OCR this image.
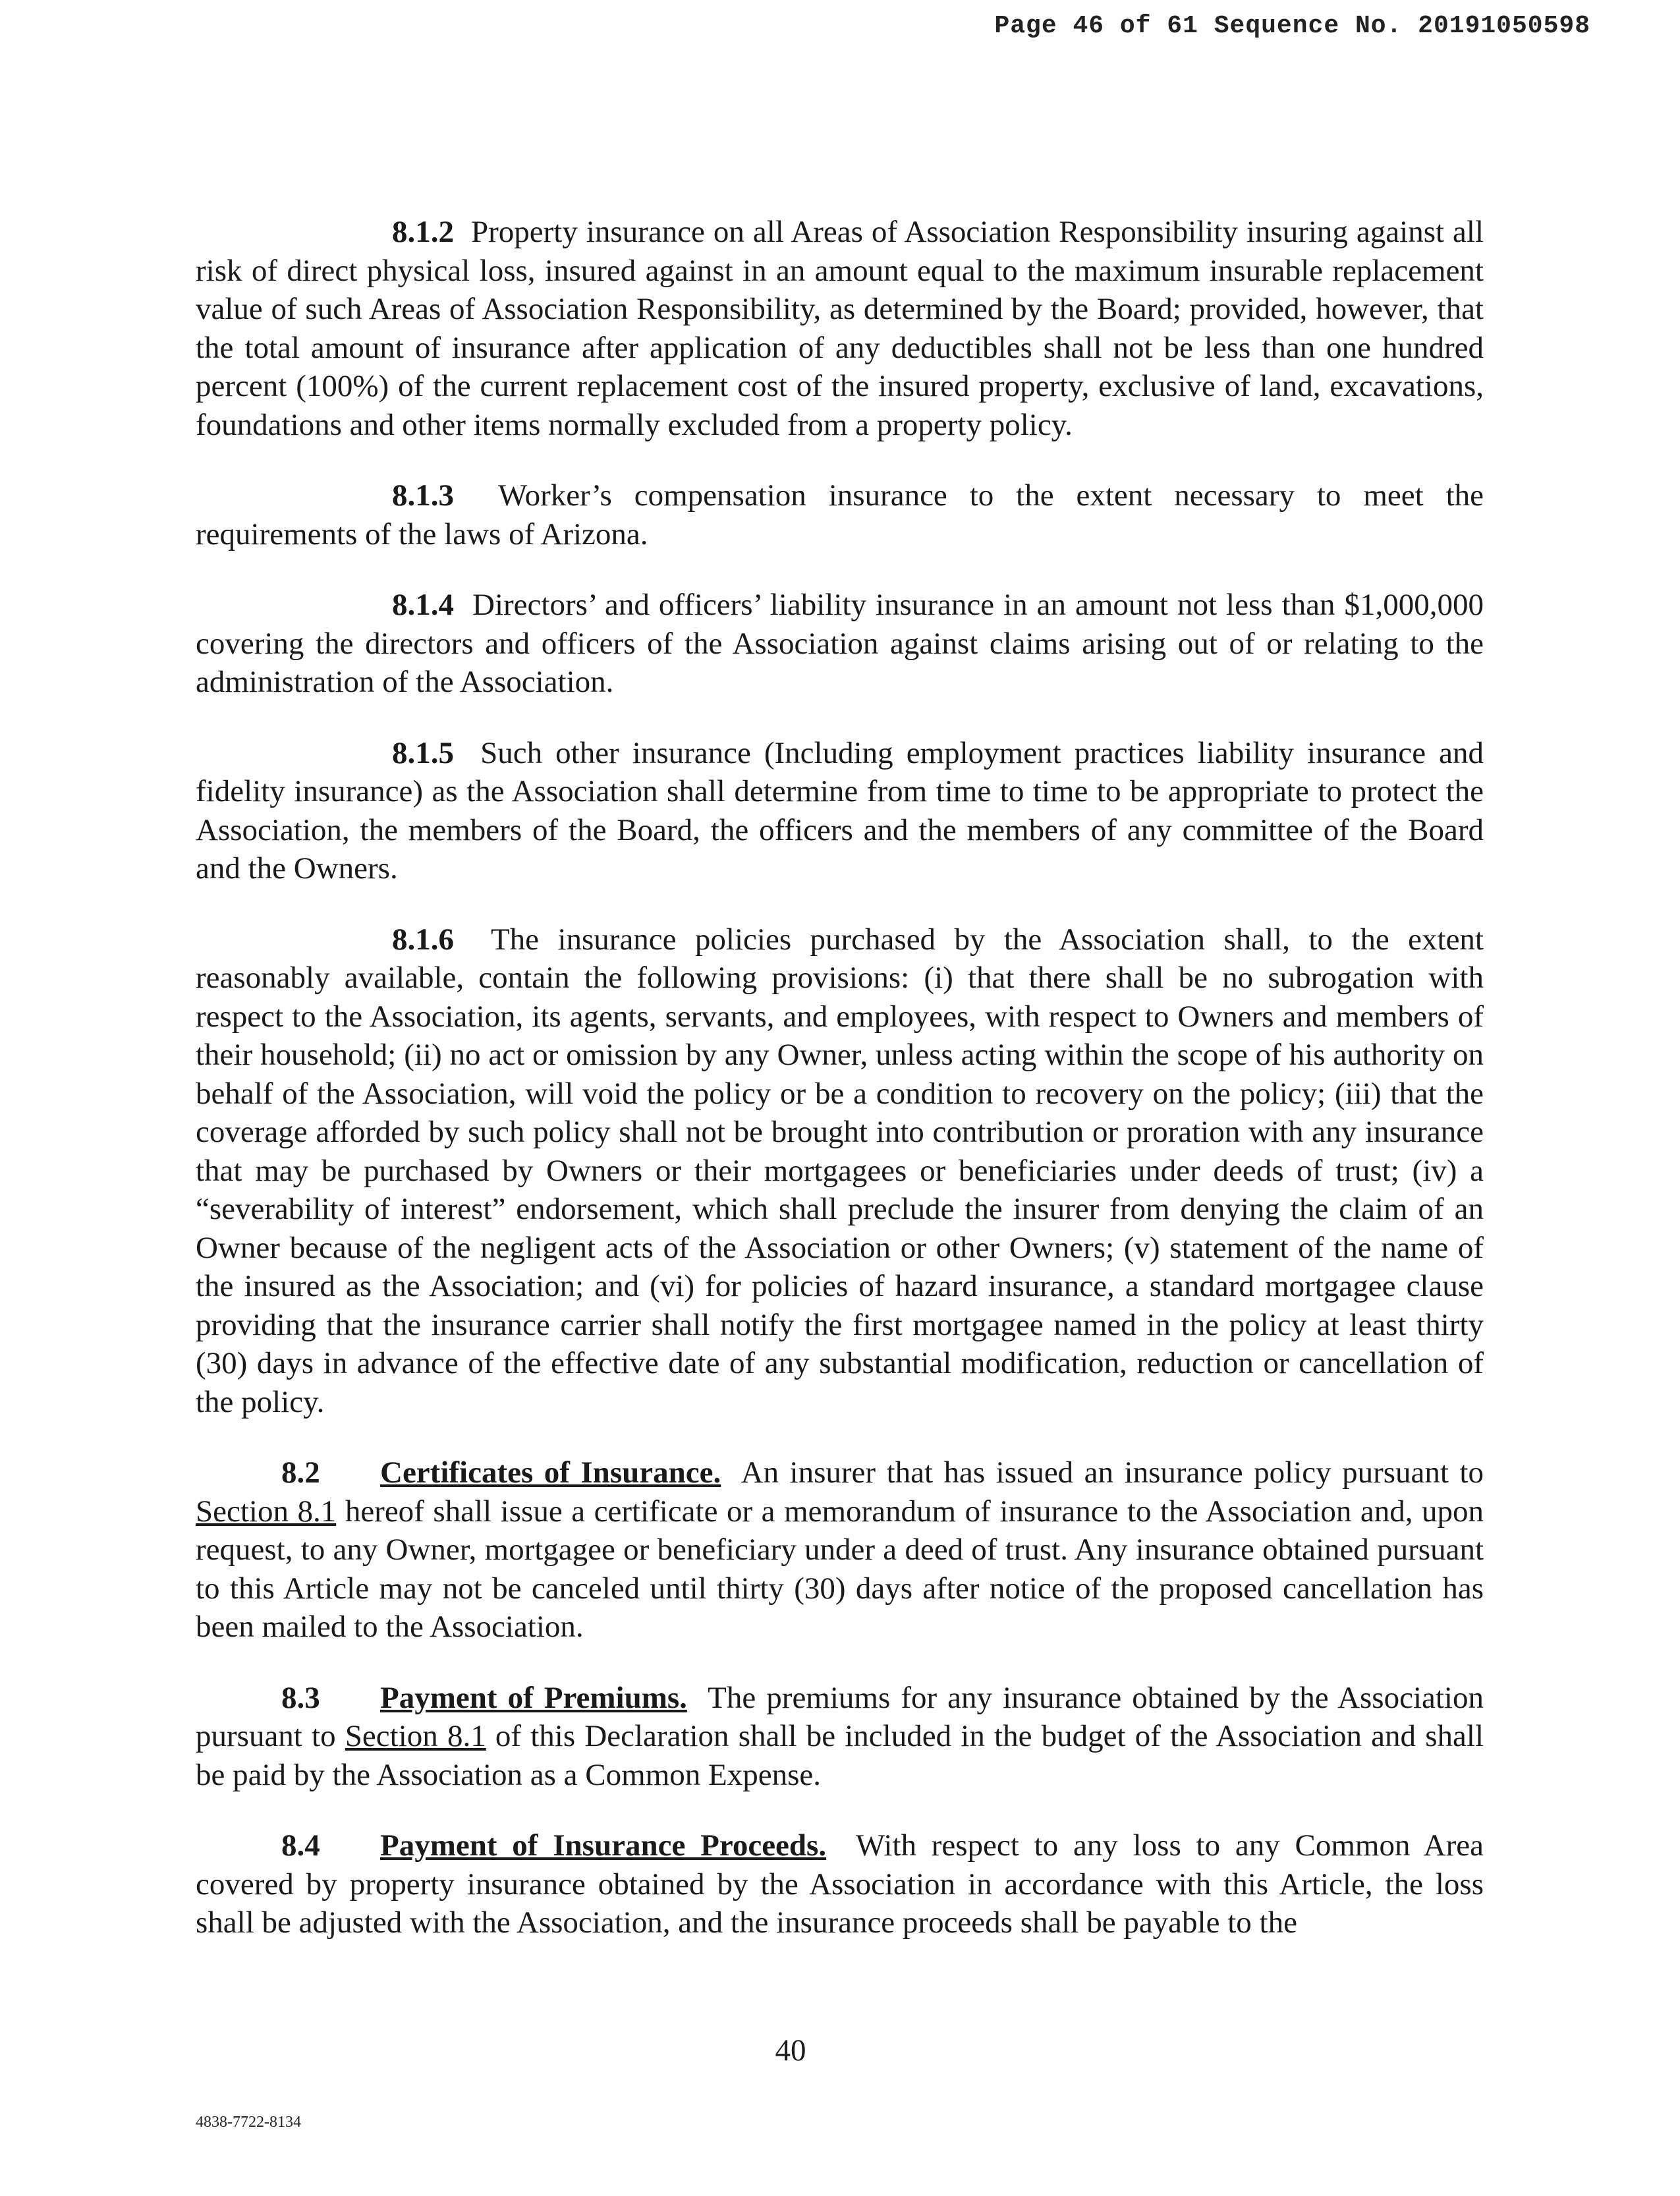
Page 46 of 61 Sequence No. 20191050598

8.1.2 Property insurance on all Areas of Association Responsibility insuring against all risk of direct physical loss, insured against in an amount equal to the maximum insurable replacement value of such Areas of Association Responsibility, as determined by the Board; provided, however, that the total amount of insurance after application of any deductibles shall not be less than one hundred percent (100%) of the current replacement cost of the insured property, exclusive of land, excavations, foundations and other items normally excluded from a property policy.

8.1.3 Worker’s compensation insurance to the extent necessary to meet the requirements of the laws of Arizona.

8.1.4 Directors’ and officers’ liability insurance in an amount not less than $1,000,000 covering the directors and officers of the Association against claims arising out of or relating to the administration of the Association.

8.1.5 Such other insurance (Including employment practices liability insurance and fidelity insurance) as the Association shall determine from time to time to be appropriate to protect the Association, the members of the Board, the officers and the members of any committee of the Board and the Owners.

8.1.6 The insurance policies purchased by the Association shall, to the extent reasonably available, contain the following provisions: (i) that there shall be no subrogation with respect to the Association, its agents, servants, and employees, with respect to Owners and members of their household; (ii) no act or omission by any Owner, unless acting within the scope of his authority on behalf of the Association, will void the policy or be a condition to recovery on the policy; (iii) that the coverage afforded by such policy shall not be brought into contribution or proration with any insurance that may be purchased by Owners or their mortgagees or beneficiaries under deeds of trust; (iv) a “severability of interest” endorsement, which shall preclude the insurer from denying the claim of an Owner because of the negligent acts of the Association or other Owners; (v) statement of the name of the insured as the Association; and (vi) for policies of hazard insurance, a standard mortgagee clause providing that the insurance carrier shall notify the first mortgagee named in the policy at least thirty (30) days in advance of the effective date of any substantial modification, reduction or cancellation of the policy.

8.2 Certificates of Insurance. An insurer that has issued an insurance policy pursuant to Section 8.1 hereof shall issue a certificate or a memorandum of insurance to the Association and, upon request, to any Owner, mortgagee or beneficiary under a deed of trust. Any insurance obtained pursuant to this Article may not be canceled until thirty (30) days after notice of the proposed cancellation has been mailed to the Association.

8.3 Payment of Premiums. The premiums for any insurance obtained by the Association pursuant to Section 8.1 of this Declaration shall be included in the budget of the Association and shall be paid by the Association as a Common Expense.

8.4 Payment of Insurance Proceeds. With respect to any loss to any Common Area covered by property insurance obtained by the Association in accordance with this Article, the loss shall be adjusted with the Association, and the insurance proceeds shall be payable to the

40
4838-7722-8134
